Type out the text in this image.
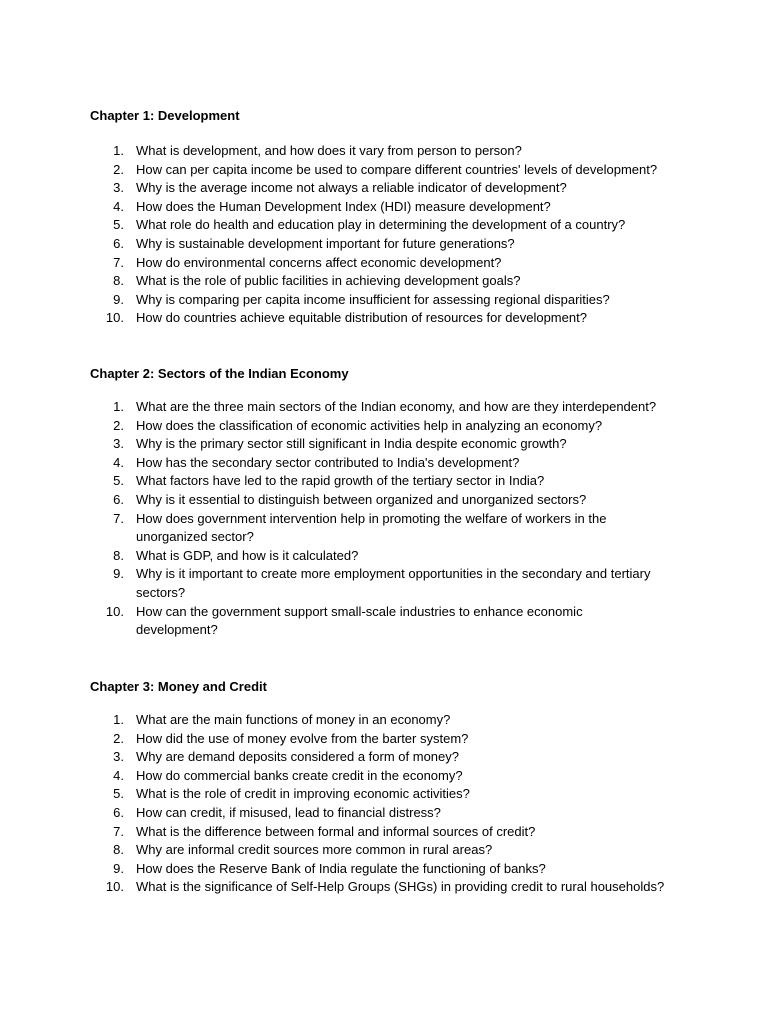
Chapter 1: Development
1. What is development, and how does it vary from person to person?
2. How can per capita income be used to compare different countries' levels of development?
3. Why is the average income not always a reliable indicator of development?
4. How does the Human Development Index (HDI) measure development?
5. What role do health and education play in determining the development of a country?
6. Why is sustainable development important for future generations?
7. How do environmental concerns affect economic development?
8. What is the role of public facilities in achieving development goals?
9. Why is comparing per capita income insufficient for assessing regional disparities?
10. How do countries achieve equitable distribution of resources for development?
Chapter 2: Sectors of the Indian Economy
1. What are the three main sectors of the Indian economy, and how are they interdependent?
2. How does the classification of economic activities help in analyzing an economy?
3. Why is the primary sector still significant in India despite economic growth?
4. How has the secondary sector contributed to India's development?
5. What factors have led to the rapid growth of the tertiary sector in India?
6. Why is it essential to distinguish between organized and unorganized sectors?
7. How does government intervention help in promoting the welfare of workers in the unorganized sector?
8. What is GDP, and how is it calculated?
9. Why is it important to create more employment opportunities in the secondary and tertiary sectors?
10. How can the government support small-scale industries to enhance economic development?
Chapter 3: Money and Credit
1. What are the main functions of money in an economy?
2. How did the use of money evolve from the barter system?
3. Why are demand deposits considered a form of money?
4. How do commercial banks create credit in the economy?
5. What is the role of credit in improving economic activities?
6. How can credit, if misused, lead to financial distress?
7. What is the difference between formal and informal sources of credit?
8. Why are informal credit sources more common in rural areas?
9. How does the Reserve Bank of India regulate the functioning of banks?
10. What is the significance of Self-Help Groups (SHGs) in providing credit to rural households?
